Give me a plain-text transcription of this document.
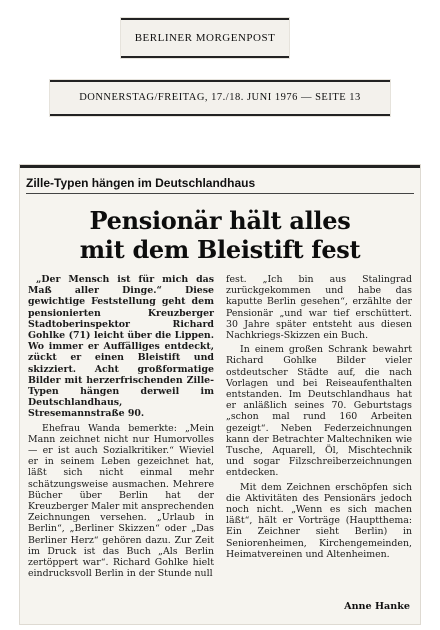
BERLINER MORGENPOST
DONNERSTAG/FREITAG, 17./18. JUNI 1976 — SEITE 13
Zille-Typen hängen im Deutschlandhaus
Pensionär hält alles
mit dem Bleistift fest

„Der Mensch ist für mich das Maß aller Dinge.“ Diese gewichtige Feststellung geht dem pensionierten Kreuzberger Stadtoberinspektor Richard Gohlke (71) leicht über die Lippen. Wo immer er Auffälliges entdeckt, zückt er einen Bleistift und skizziert. Acht großformatige Bilder mit herzerfrischenden Zille-Typen hängen derweil im Deutschlandhaus, Stresemannstraße 90.

Ehefrau Wanda bemerkte: „Mein Mann zeichnet nicht nur Humorvolles — er ist auch Sozialkritiker.“ Wieviel er in seinem Leben gezeichnet hat, läßt sich nicht einmal mehr schätzungsweise ausmachen. Mehrere Bücher über Berlin hat der Kreuzberger Maler mit ansprechenden Zeichnungen versehen. „Urlaub in Berlin“, „Berliner Skizzen“ oder „Das Berliner Herz“ gehören dazu. Zur Zeit im Druck ist das Buch „Als Berlin zertöppert war“. Richard Gohlke hielt eindrucksvoll Berlin in der Stunde null

fest. „Ich bin aus Stalingrad zurückgekommen und habe das kaputte Berlin gesehen“, erzählte der Pensionär „und war tief erschüttert. 30 Jahre später entsteht aus diesen Nachkriegs-Skizzen ein Buch.

In einem großen Schrank bewahrt Richard Gohlke Bilder vieler ostdeutscher Städte auf, die nach Vorlagen und bei Reiseaufenthalten entstanden. Im Deutschlandhaus hat er anläßlich seines 70. Geburtstags „schon mal rund 160 Arbeiten gezeigt“. Neben Federzeichnungen kann der Betrachter Maltechniken wie Tusche, Aquarell, Öl, Mischtechnik und sogar Filzschreiberzeichnungen entdecken.

Mit dem Zeichnen erschöpfen sich die Aktivitäten des Pensionärs jedoch noch nicht. „Wenn es sich machen läßt“, hält er Vorträge (Hauptthema: Ein Zeichner sieht Berlin) in Seniorenheimen, Kirchengemeinden, Heimatvereinen und Altenheimen.

Anne Hanke
